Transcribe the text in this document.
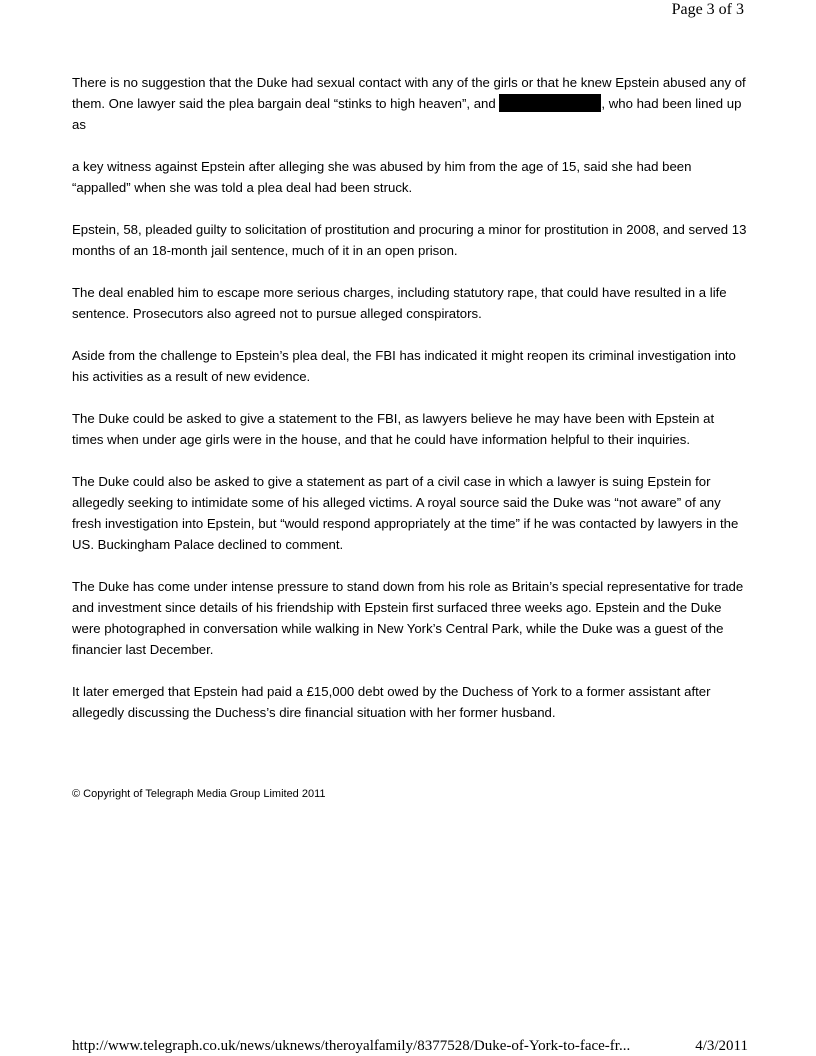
Page 3 of 3

There is no suggestion that the Duke had sexual contact with any of the girls or that he knew Epstein abused any of them. One lawyer said the plea bargain deal “stinks to high heaven”, and	, who had been lined up as

a key witness against Epstein after alleging she was abused by him from the age of 15, said she had been “appalled” when she was told a plea deal had been struck.

Epstein, 58, pleaded guilty to solicitation of prostitution and procuring a minor for prostitution in 2008, and served 13 months of an 18-month jail sentence, much of it in an open prison.

The deal enabled him to escape more serious charges, including statutory rape, that could have resulted in a life sentence. Prosecutors also agreed not to pursue alleged conspirators.

Aside from the challenge to Epstein’s plea deal, the FBI has indicated it might reopen its criminal investigation into his activities as a result of new evidence.

The Duke could be asked to give a statement to the FBI, as lawyers believe he may have been with Epstein at times when under age girls were in the house, and that he could have information helpful to their inquiries.

The Duke could also be asked to give a statement as part of a civil case in which a lawyer is suing Epstein for allegedly seeking to intimidate some of his alleged victims. A royal source said the Duke was “not aware” of any fresh investigation into Epstein, but “would respond appropriately at the time” if he was contacted by lawyers in the US. Buckingham Palace declined to comment.

The Duke has come under intense pressure to stand down from his role as Britain’s special representative for trade and investment since details of his friendship with Epstein first surfaced three weeks ago. Epstein and the Duke were photographed in conversation while walking in New York’s Central Park, while the Duke was a guest of the financier last December.

It later emerged that Epstein had paid a £15,000 debt owed by the Duchess of York to a former assistant after allegedly discussing the Duchess’s dire financial situation with her former husband.

© Copyright of Telegraph Media Group Limited 2011
http://www.telegraph.co.uk/news/uknews/theroyalfamily/8377528/Duke-of-York-to-face-fr...	4/3/2011
